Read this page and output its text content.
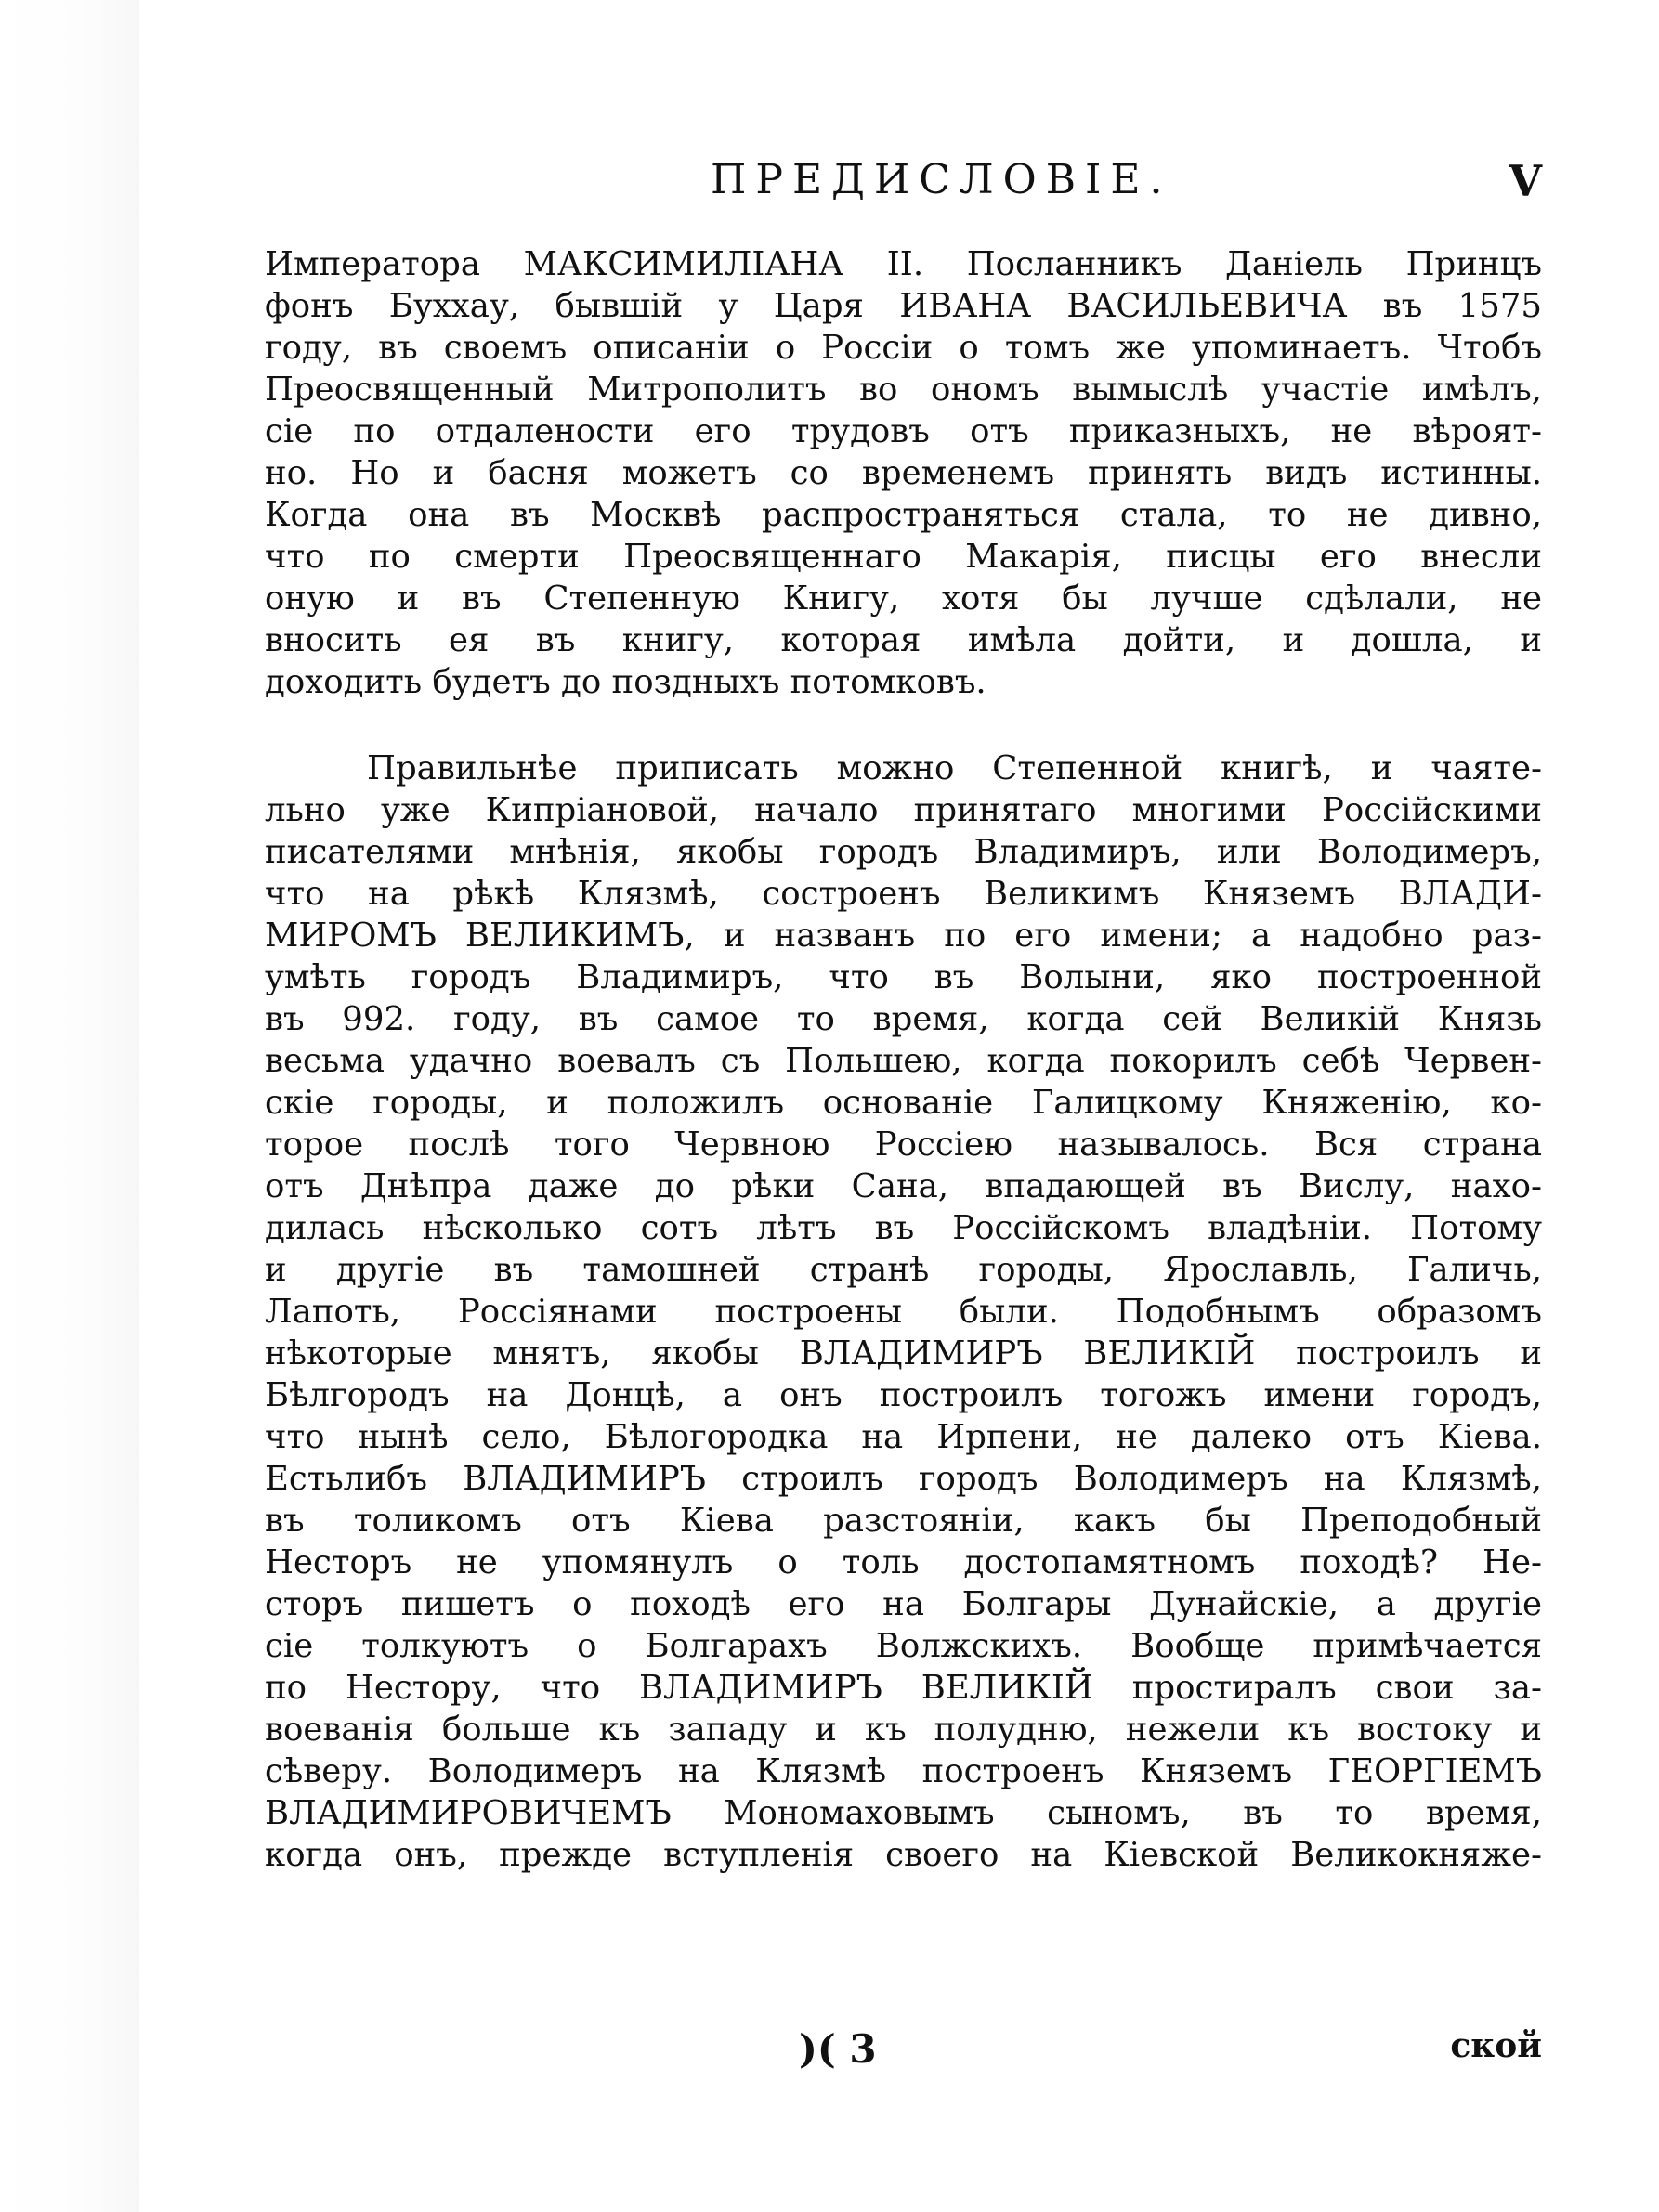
ПРЕДИСЛОВІЕ.	V
Императора МАКСИМИЛІАНА II. Посланникъ Даніель Принцъ
фонъ Буххау, бывшій у Царя ИВАНА ВАСИЛЬЕВИЧА въ 1575
году, въ своемъ описаніи о Россіи о томъ же упоминаетъ. Чтобъ
Преосвященный Митрополитъ во ономъ вымыслѣ участіе имѣлъ,
сіе по отдалености его трудовъ отъ приказныхъ, не вѣроят-
но. Но и басня можетъ со временемъ принять видъ истинны.
Когда она въ Москвѣ распространяться стала, то не дивно,
что по смерти Преосвященнаго Макарія, писцы его внесли
оную и въ Степенную Книгу, хотя бы лучше сдѣлали, не
вносить ея въ книгу, которая имѣла дойти, и дошла, и
доходить будетъ до поздныхъ потомковъ.
Правильнѣе приписать можно Степенной книгѣ, и чаяте-
льно уже Кипріановой, начало принятаго многими Россійскими
писателями мнѣнія, якобы городъ Владимиръ, или Володимеръ,
что на рѣкѣ Клязмѣ, состроенъ Великимъ Княземъ ВЛАДИ-
МИРОМЪ ВЕЛИКИМЪ, и названъ по его имени; а надобно раз-
умѣть городъ Владимиръ, что въ Волыни, яко построенной
въ 992. году, въ самое то время, когда сей Великій Князь
весьма удачно воевалъ съ Польшею, когда покорилъ себѣ Червен-
скіе городы, и положилъ основаніе Галицкому Княженію, ко-
торое послѣ того Червною Россіею называлось. Вся страна
отъ Днѣпра даже до рѣки Сана, впадающей въ Вислу, нахо-
дилась нѣсколько сотъ лѣтъ въ Россійскомъ владѣніи. Потому
и другіе въ тамошней странѣ городы, Ярославль, Галичь,
Лапоть, Россіянами построены были. Подобнымъ образомъ
нѣкоторые мнятъ, якобы ВЛАДИМИРЪ ВЕЛИКІЙ построилъ и
Бѣлгородъ на Донцѣ, а онъ построилъ тогожъ имени городъ,
что нынѣ село, Бѣлогородка на Ирпени, не далеко отъ Кіева.
Естьлибъ ВЛАДИМИРЪ строилъ городъ Володимеръ на Клязмѣ,
въ толикомъ отъ Кіева разстояніи, какъ бы Преподобный
Несторъ не упомянулъ о толь достопамятномъ походѣ? Не-
сторъ пишетъ о походѣ его на Болгары Дунайскіе, а другіе
сіе толкуютъ о Болгарахъ Волжскихъ. Вообще примѣчается
по Нестору, что ВЛАДИМИРЪ ВЕЛИКІЙ простиралъ свои за-
воеванія больше къ западу и къ полудню, нежели къ востоку и
сѣверу. Володимеръ на Клязмѣ построенъ Княземъ ГЕОРГІЕМЪ
ВЛАДИМИРОВИЧЕМЪ Мономаховымъ сыномъ, въ то время,
когда онъ, прежде вступленія своего на Кіевской Великокняже-
)( 3	ской
